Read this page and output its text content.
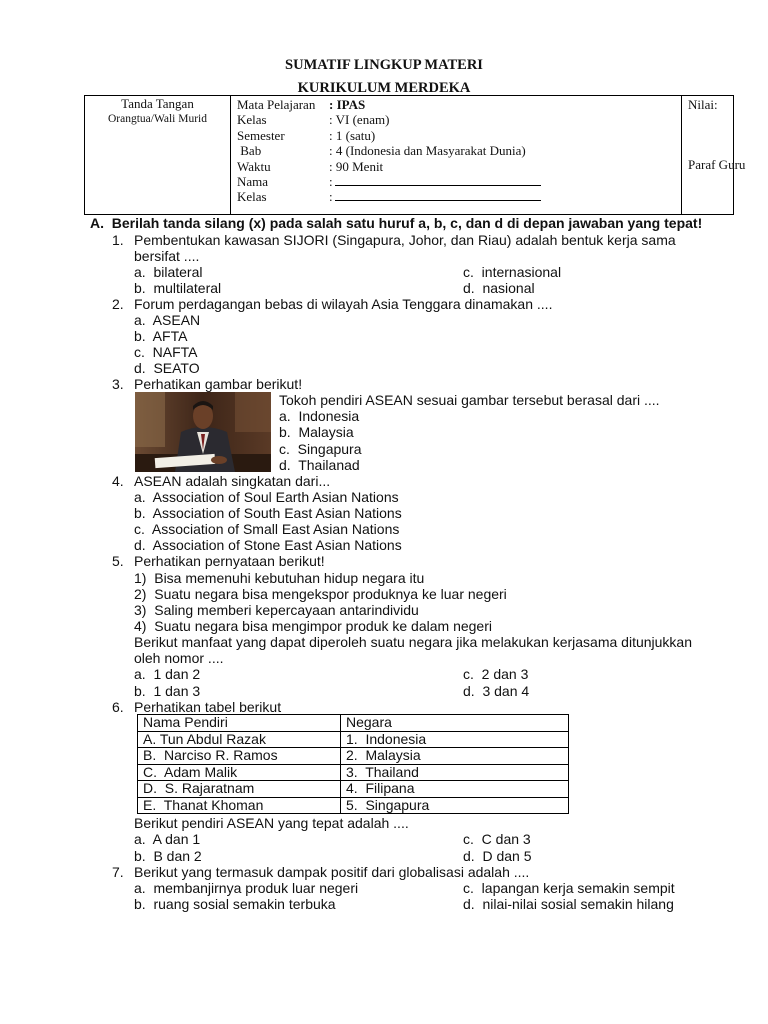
SUMATIF LINGKUP MATERI
KURIKULUM MERDEKA
Tanda Tangan
Orangtua/Wali Murid
Mata Pelajaran : IPAS
Kelas	: VI (enam)
Semester	: 1 (satu)
Bab	: 4 (Indonesia dan Masyarakat Dunia)
Waktu	: 90 Menit
Nama	:
Kelas	:
Nilai:
Paraf Guru
A.  Berilah tanda silang (x) pada salah satu huruf a, b, c, dan d di depan jawaban yang tepat!
1. Pembentukan kawasan SIJORI (Singapura, Johor, dan Riau) adalah bentuk kerja sama
bersifat ....
a.  bilateral
b.  multilateral
c.  internasional
d.  nasional
2. Forum perdagangan bebas di wilayah Asia Tenggara dinamakan ....
a.  ASEAN
b.  AFTA
c.  NAFTA
d.  SEATO
3. Perhatikan gambar berikut!
Tokoh pendiri ASEAN sesuai gambar tersebut berasal dari ....
a.  Indonesia
b.  Malaysia
c.  Singapura
d.  Thailanad
4. ASEAN adalah singkatan dari...
a.  Association of Soul Earth Asian Nations
b.  Association of South East Asian Nations
c.  Association of Small East Asian Nations
d.  Association of Stone East Asian Nations
5. Perhatikan pernyataan berikut!
1)  Bisa memenuhi kebutuhan hidup negara itu
2)  Suatu negara bisa mengekspor produknya ke luar negeri
3)  Saling memberi kepercayaan antarindividu
4)  Suatu negara bisa mengimpor produk ke dalam negeri
Berikut manfaat yang dapat diperoleh suatu negara jika melakukan kerjasama ditunjukkan
oleh nomor ....
a.  1 dan 2
b.  1 dan 3
c.  2 dan 3
d.  3 dan 4
6. Perhatikan tabel berikut
Nama Pendiri	Negara
A. Tun Abdul Razak	1.  Indonesia
B.  Narciso R. Ramos	2.  Malaysia
C.  Adam Malik	3.  Thailand
D.  S. Rajaratnam	4.  Filipana
E.  Thanat Khoman	5.  Singapura
Berikut pendiri ASEAN yang tepat adalah ....
a.  A dan 1
b.  B dan 2
c.  C dan 3
d.  D dan 5
7. Berikut yang termasuk dampak positif dari globalisasi adalah ....
a.  membanjirnya produk luar negeri
b.  ruang sosial semakin terbuka
c.  lapangan kerja semakin sempit
d.  nilai-nilai sosial semakin hilang
